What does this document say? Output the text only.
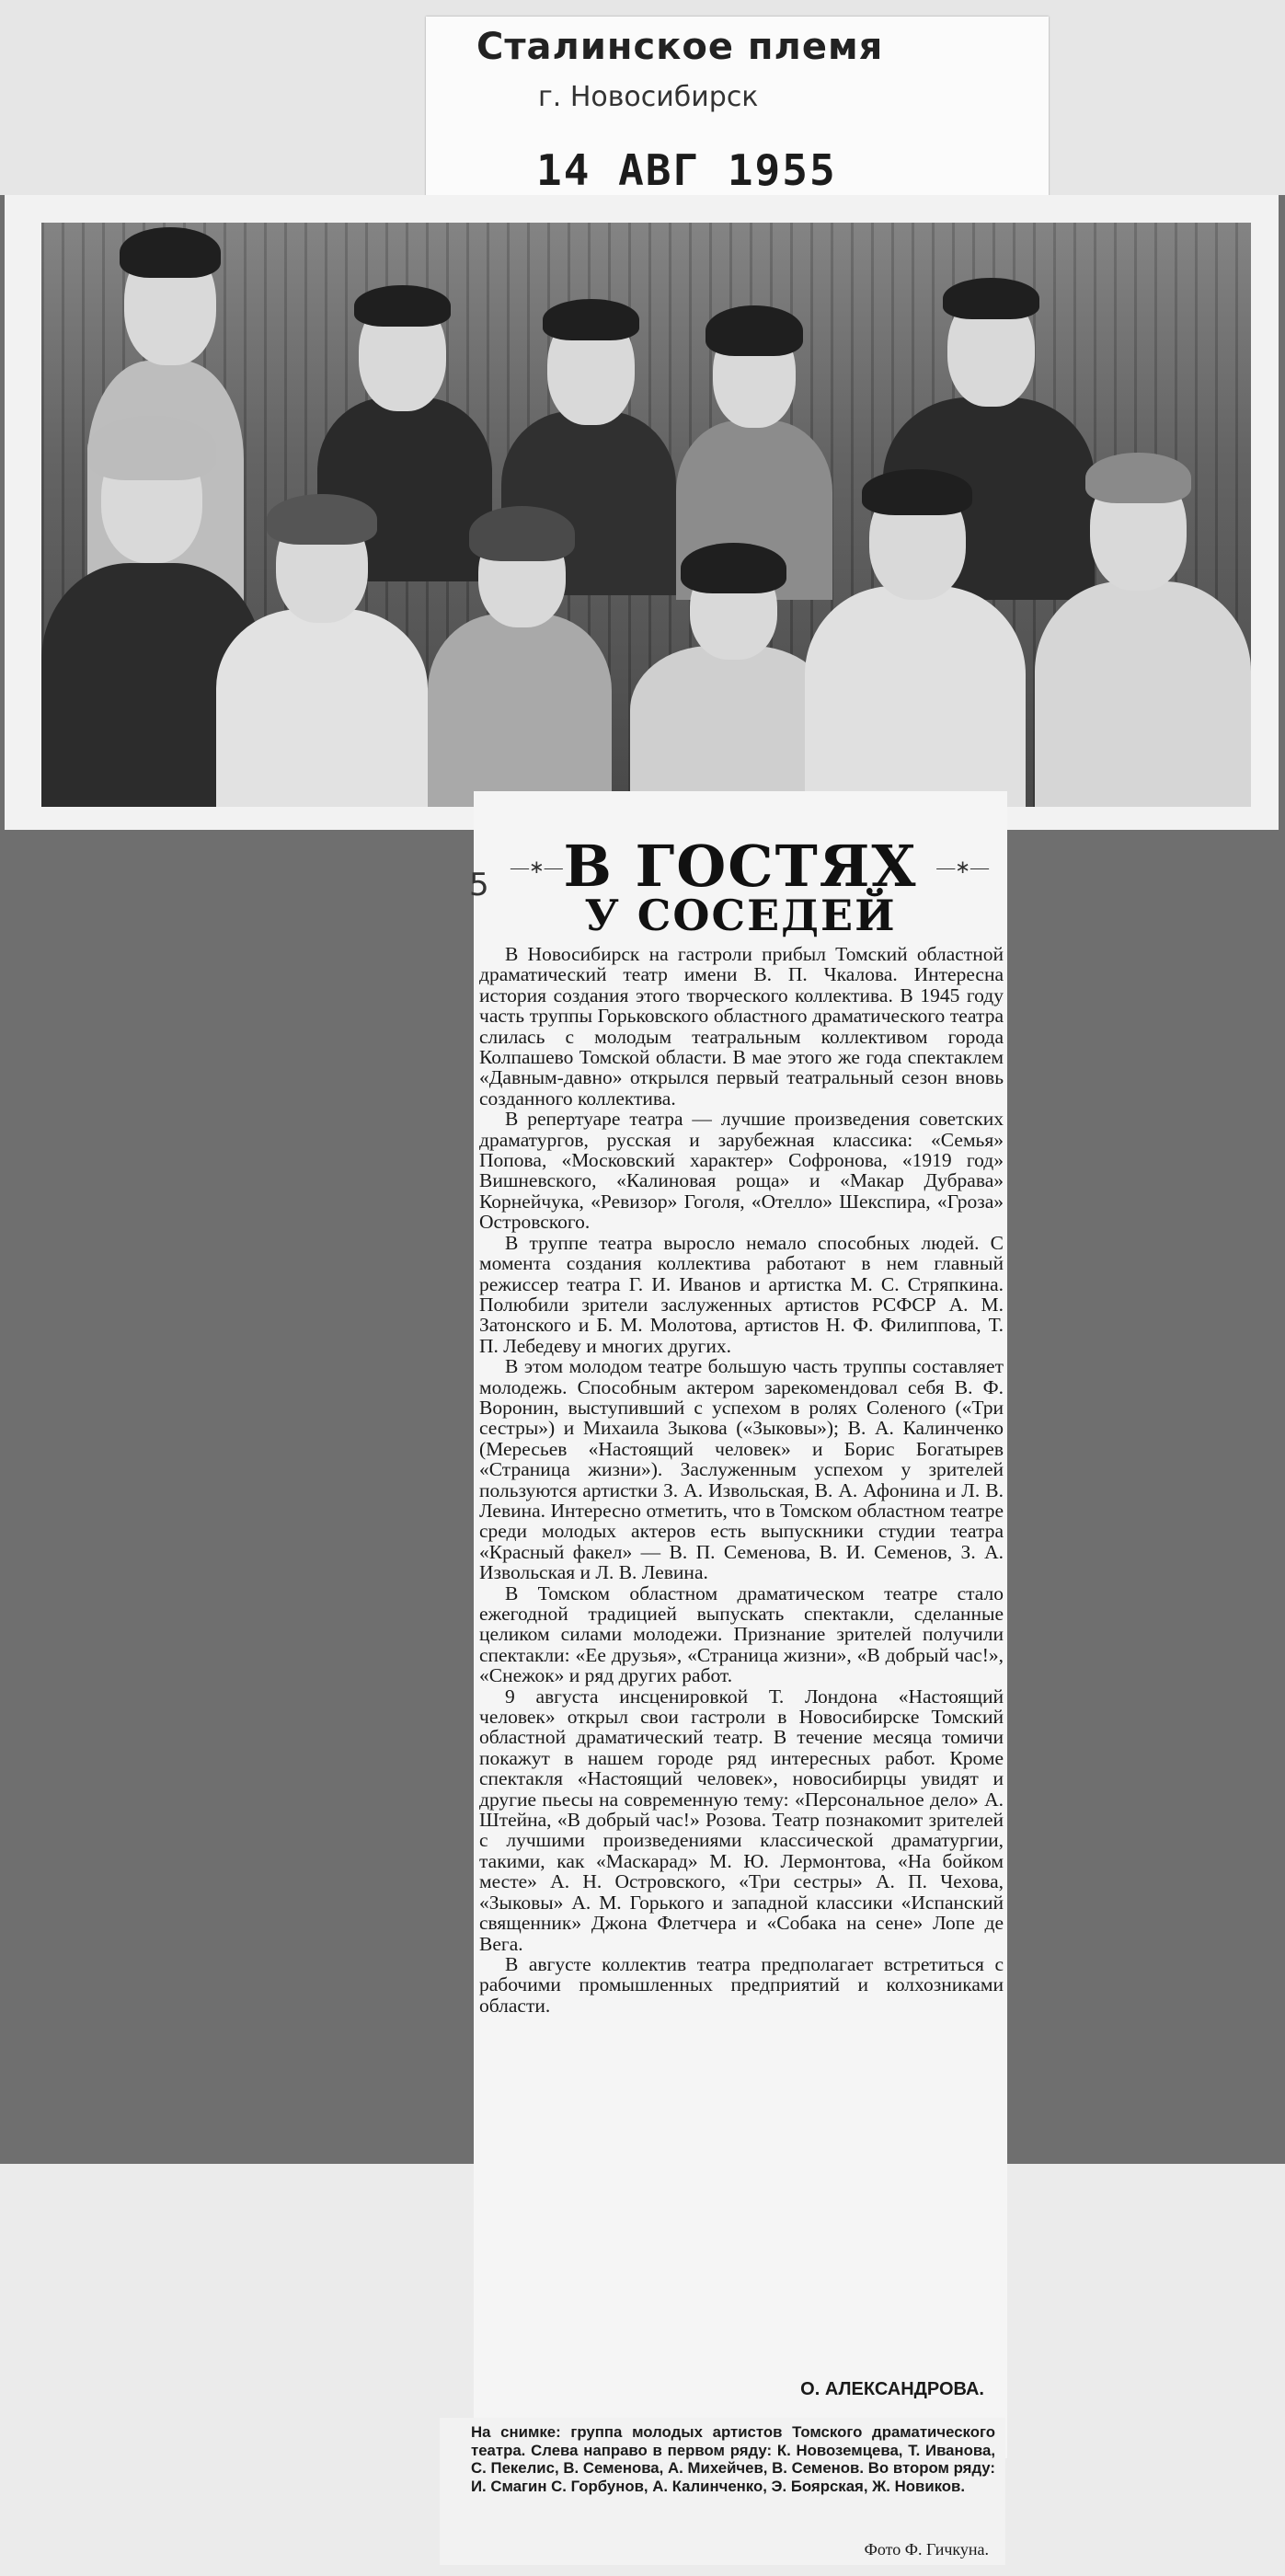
Сталинское племя
г. Новосибирск
14 АВГ 1955
5 —∗—	—∗—
В ГОСТЯХ
У СОСЕДЕЙ

В Новосибирск на гастроли прибыл Томский областной драматический театр имени В. П. Чкалова. Интересна история создания этого творческого коллектива. В 1945 году часть труппы Горьковского областного драматического театра слилась с молодым театральным коллективом города Колпашево Томской области. В мае этого же года спектаклем «Давным-давно» открылся первый театральный сезон вновь созданного коллектива.

В репертуаре театра — лучшие произведения советских драматургов, русская и зарубежная классика: «Семья» Попова, «Московский характер» Софронова, «1919 год» Вишневского, «Калиновая роща» и «Макар Дубрава» Корнейчука, «Ревизор» Гоголя, «Отелло» Шекспира, «Гроза» Островского.

В труппе театра выросло немало способных людей. С момента создания коллектива работают в нем главный режиссер театра Г. И. Иванов и артистка М. С. Стряпкина. Полюбили зрители заслуженных артистов РСФСР А. М. Затонского и Б. М. Молотова, артистов Н. Ф. Филиппова, Т. П. Лебедеву и многих других.

В этом молодом театре большую часть труппы составляет молодежь. Способным актером зарекомендовал себя В. Ф. Воронин, выступивший с успехом в ролях Соленого («Три сестры») и Михаила Зыкова («Зыковы»); В. А. Калинченко (Мересьев «Настоящий человек» и Борис Богатырев «Страница жизни»). Заслуженным успехом у зрителей пользуются артистки З. А. Извольская, В. А. Афонина и Л. В. Левина. Интересно отметить, что в Томском областном театре среди молодых актеров есть выпускники студии театра «Красный факел» — В. П. Семенова, В. И. Семенов, З. А. Извольская и Л. В. Левина.

В Томском областном драматическом театре стало ежегодной традицией выпускать спектакли, сделанные целиком силами молодежи. Признание зрителей получили спектакли: «Ее друзья», «Страница жизни», «В добрый час!», «Снежок» и ряд других работ.

9 августа инсценировкой Т. Лондона «Настоящий человек» открыл свои гастроли в Новосибирске Томский областной драматический театр. В течение месяца томичи покажут в нашем городе ряд интересных работ. Кроме спектакля «Настоящий человек», новосибирцы увидят и другие пьесы на современную тему: «Персональное дело» А. Штейна, «В добрый час!» Розова. Театр познакомит зрителей с лучшими произведениями классической драматургии, такими, как «Маскарад» М. Ю. Лермонтова, «На бойком месте» А. Н. Островского, «Три сестры» А. П. Чехова, «Зыковы» А. М. Горького и западной классики «Испанский священник» Джона Флетчера и «Собака на сене» Лопе де Вега.

В августе коллектив театра предполагает встретиться с рабочими промышленных предприятий и колхозниками области.

О. АЛЕКСАНДРОВА.
На снимке: группа молодых артистов Томского драматического театра. Слева направо в первом ряду: К. Новоземцева, Т. Иванова, С. Пекелис, В. Семенова, А. Михейчев, В. Семенов. Во втором ряду: И. Смагин С. Горбунов, А. Калинченко, Э. Боярская, Ж. Новиков.
Фото Ф. Гичкуна.
